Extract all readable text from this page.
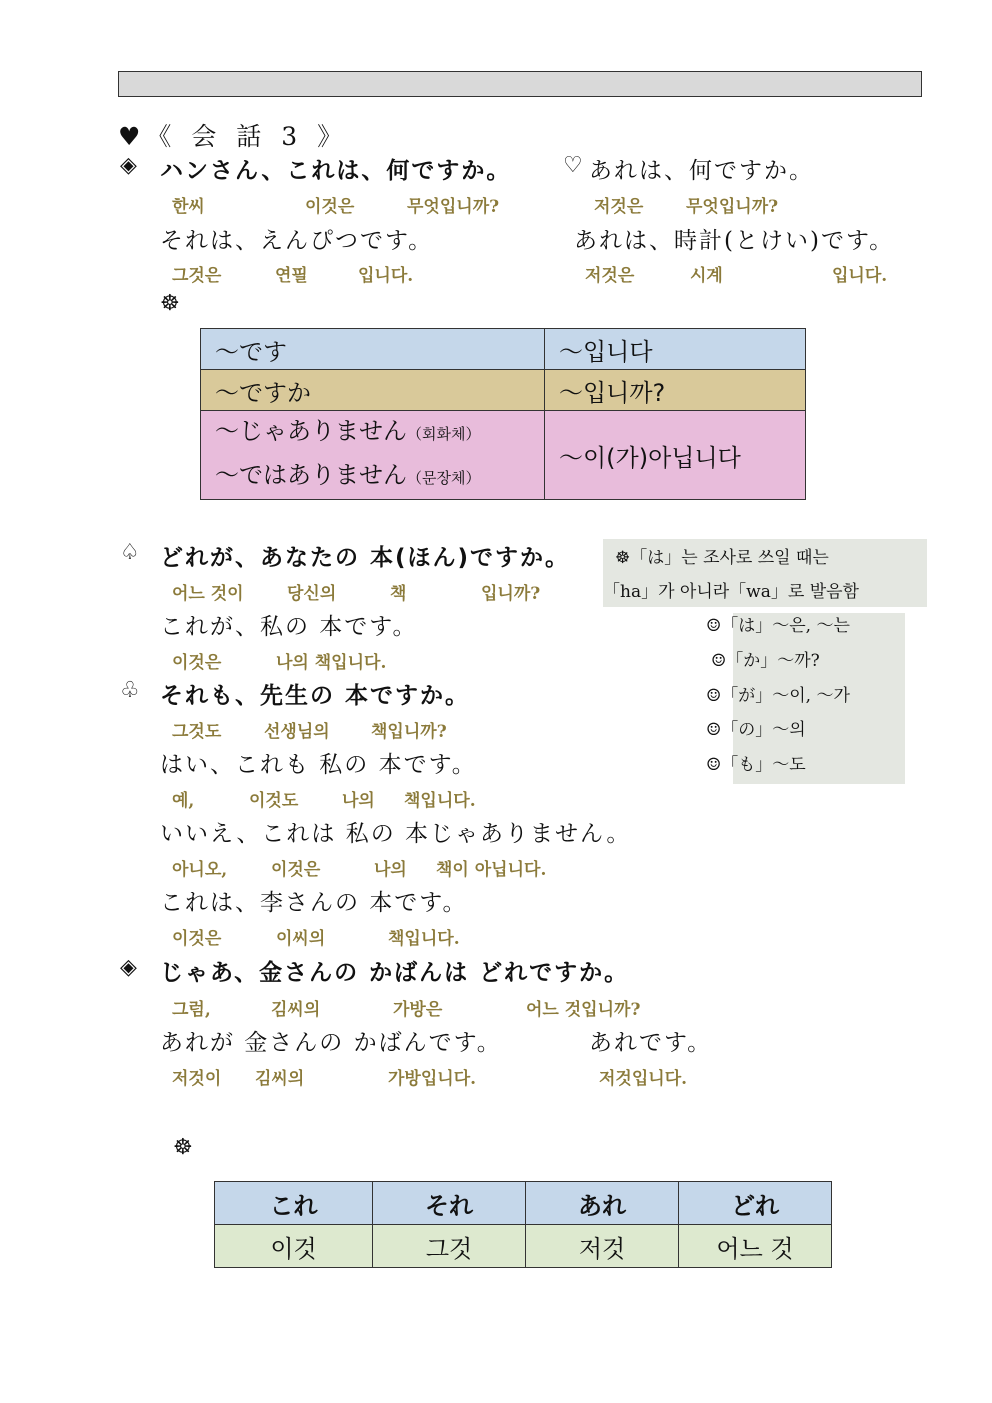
♥《 会 話 3 》
◈ ハンさん、これは、何ですか。 ♡ あれは、何ですか。
한씨	이것은	무엇입니까?	저것은	무엇입니까?
それは、えんぴつです。	あれは、時計(とけい)です。
그것은	연필	입니다.	저것은	시계	입니다.
☸
～です	～입니다
～ですか	～입니까?

～じゃありません（회화체）
～ではありません（문장체）	～이(가)아닙니다
☸「は」는 조사로 쓰일 때는
「ha」가 아니라「wa」로 발음함
☺「は」～은, ～는
☺「か」～까?
☺「が」～이, ～가
☺「の」～의
☺「も」～도
♤ どれが、あなたの 本(ほん)ですか。
어느 것이	당신의	책	입니까?
これが、私の 本です。
이것은	나의 책입니다.
♧ それも、先生の 本ですか。
그것도	선생님의 책입니까?
はい、これも 私の 本です。
예,	이것도	나의 책입니다.
いいえ、これは 私の 本じゃありません。
아니오,	이것은	나의 책이 아닙니다.
これは、李さんの 本です。
이것은	이씨의	책입니다.
◈ じゃあ、金さんの かばんは どれですか。
그럼,	김씨의	가방은	어느 것입니까?
あれが 金さんの かばんです。	あれです。
저것이 김씨의	가방입니다.	저것입니다.
☸
これ	それ	あれ	どれ
이것	그것	저것	어느 것
